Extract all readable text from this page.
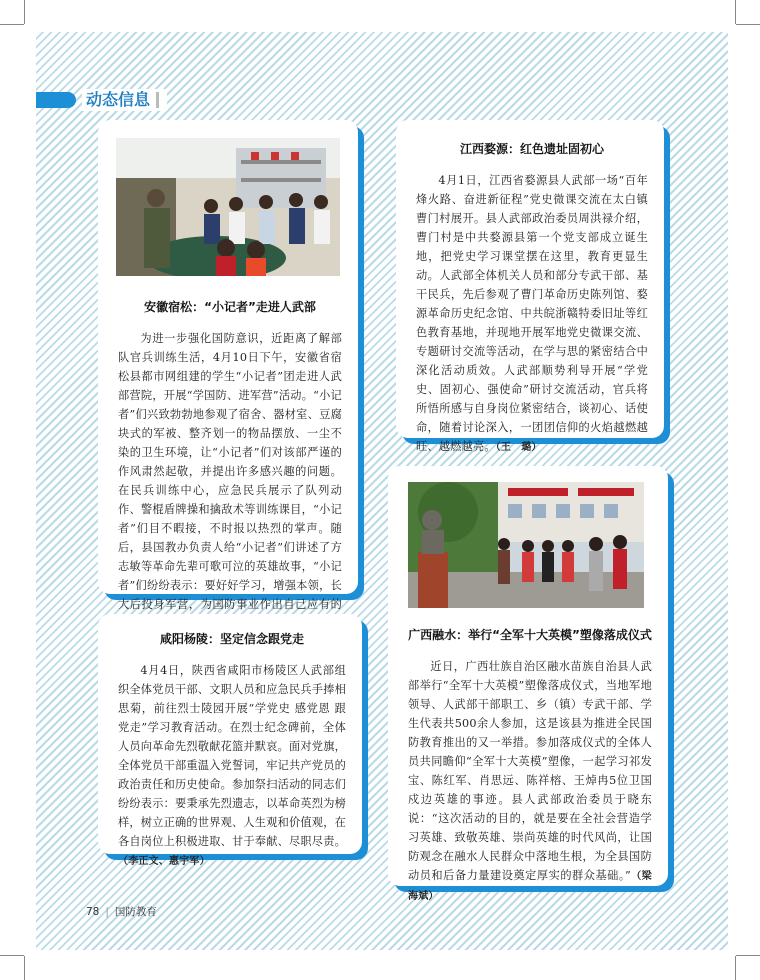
动态信息
安徽宿松：“小记者”走进人武部
为进一步强化国防意识，近距离了解部队官兵训练生活，4月10日下午，安徽省宿松县都市网组建的学生“小记者”团走进人武部营院，开展“学国防、进军营”活动。“小记者”们兴致勃勃地参观了宿舍、器材室、豆腐块式的军被、整齐划一的物品摆放、一尘不染的卫生环境，让“小记者”们对该部严谨的作风肃然起敬，并提出许多感兴趣的问题。在民兵训练中心，应急民兵展示了队列动作、警棍盾牌操和擒敌术等训练课目，“小记者”们目不暇接，不时报以热烈的掌声。随后，县国教办负责人给“小记者”们讲述了方志敏等革命先辈可歌可泣的英雄故事，“小记者”们纷纷表示：要好好学习，增强本领，长大后投身军营，为国防事业作出自己应有的
咸阳杨陵：坚定信念跟党走
4月4日，陕西省咸阳市杨陵区人武部组织全体党员干部、文职人员和应急民兵手捧相思菊，前往烈士陵园开展“学党史 感党恩 跟党走”学习教育活动。在烈士纪念碑前，全体人员向革命先烈敬献花篮并默哀。面对党旗，全体党员干部重温入党誓词，牢记共产党员的政治责任和历史使命。参加祭扫活动的同志们纷纷表示：要秉承先烈遗志，以革命英烈为榜样，树立正确的世界观、人生观和价值观，在各自岗位上积极进取、甘于奉献、尽职尽责。（李正文、惠宇军）
江西婺源：红色遗址固初心
4月1日，江西省婺源县人武部一场“百年烽火路、奋进新征程”党史微课交流在太白镇曹门村展开。县人武部政治委员周洪禄介绍，曹门村是中共婺源县第一个党支部成立诞生地，把党史学习课堂摆在这里，教育更显生动。人武部全体机关人员和部分专武干部、基干民兵，先后参观了曹门革命历史陈列馆、婺源革命历史纪念馆、中共皖浙赣特委旧址等红色教育基地，并现地开展军地党史微课交流、专题研讨交流等活动，在学与思的紧密结合中深化活动质效。人武部顺势利导开展“学党史、固初心、强使命”研讨交流活动，官兵将所悟所感与自身岗位紧密结合，谈初心、话使命，随着讨论深入，一团团信仰的火焰越燃越旺、越燃越亮。（王　璐）
广西融水：举行“全军十大英模”塑像落成仪式
近日，广西壮族自治区融水苗族自治县人武部举行“全军十大英模”塑像落成仪式，当地军地领导、人武部干部职工、乡（镇）专武干部、学生代表共500余人参加，这是该县为推进全民国防教育推出的又一举措。参加落成仪式的全体人员共同瞻仰“全军十大英模”塑像，一起学习祁发宝、陈红军、肖思远、陈祥榕、王焯冉5位卫国戍边英雄的事迹。县人武部政治委员于晓东说：“这次活动的目的，就是要在全社会营造学习英雄、致敬英雄、崇尚英雄的时代风尚，让国防观念在融水人民群众中落地生根，为全县国防动员和后备力量建设奠定厚实的群众基础。”（梁海斌）
78 | 国防教育
